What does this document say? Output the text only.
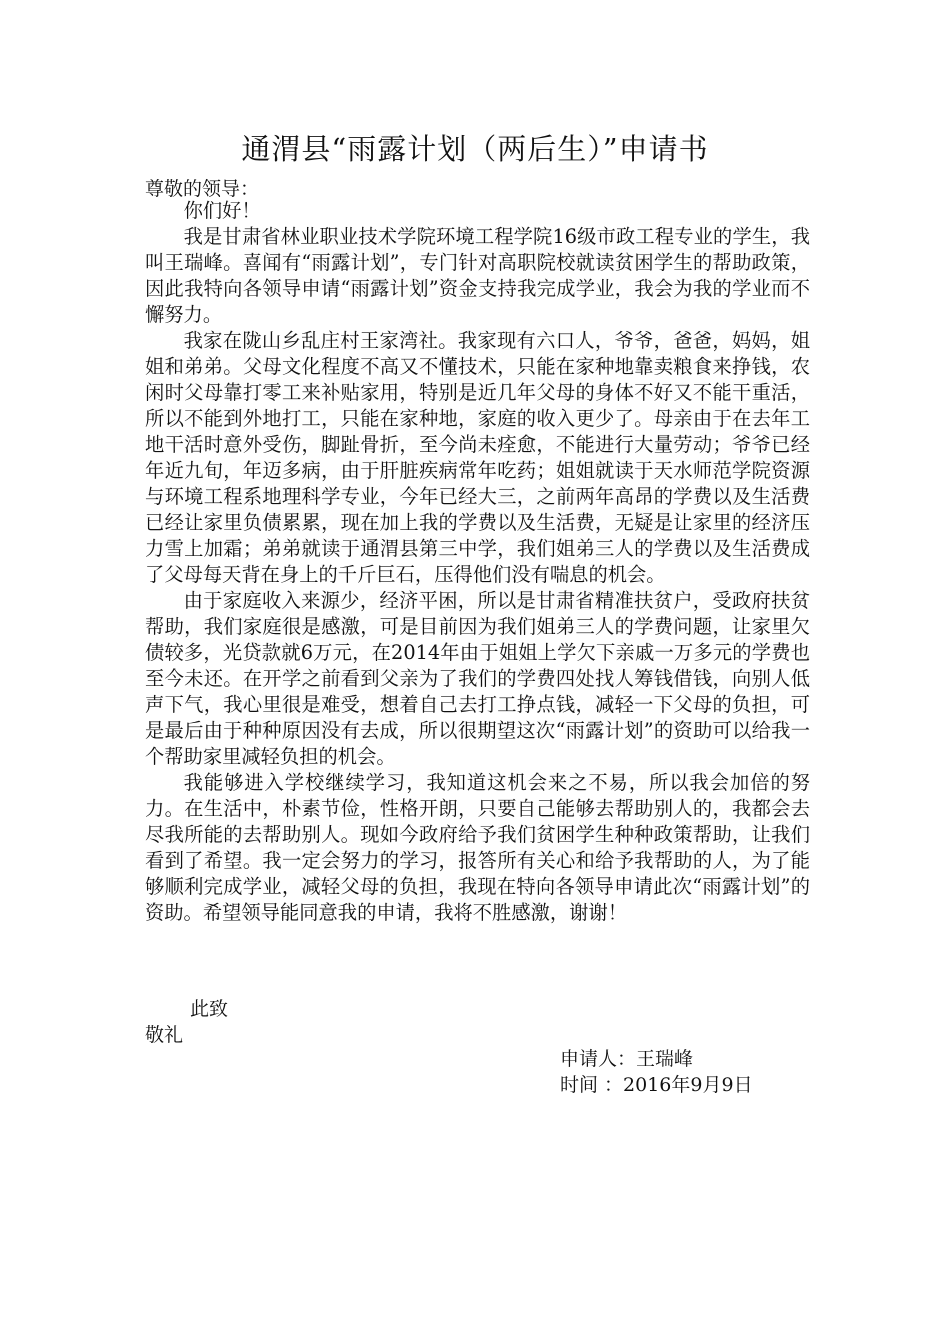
通渭县“雨露计划（两后生）”申请书
尊敬的领导：

你们好！

我是甘肃省林业职业技术学院环境工程学院16级市政工程专业的学生，我叫王瑞峰。喜闻有“雨露计划”，专门针对高职院校就读贫困学生的帮助政策，因此我特向各领导申请“雨露计划”资金支持我完成学业，我会为我的学业而不懈努力。

我家在陇山乡乱庄村王家湾社。我家现有六口人，爷爷，爸爸，妈妈，姐姐和弟弟。父母文化程度不高又不懂技术，只能在家种地靠卖粮食来挣钱，农闲时父母靠打零工来补贴家用，特别是近几年父母的身体不好又不能干重活，所以不能到外地打工，只能在家种地，家庭的收入更少了。母亲由于在去年工地干活时意外受伤，脚趾骨折，至今尚未痊愈，不能进行大量劳动；爷爷已经年近九旬，年迈多病，由于肝脏疾病常年吃药；姐姐就读于天水师范学院资源与环境工程系地理科学专业，今年已经大三，之前两年高昂的学费以及生活费已经让家里负债累累，现在加上我的学费以及生活费，无疑是让家里的经济压力雪上加霜；弟弟就读于通渭县第三中学，我们姐弟三人的学费以及生活费成了父母每天背在身上的千斤巨石，压得他们没有喘息的机会。

由于家庭收入来源少，经济平困，所以是甘肃省精准扶贫户，受政府扶贫帮助，我们家庭很是感激，可是目前因为我们姐弟三人的学费问题，让家里欠债较多，光贷款就6万元，在2014年由于姐姐上学欠下亲戚一万多元的学费也至今未还。在开学之前看到父亲为了我们的学费四处找人筹钱借钱，向别人低声下气，我心里很是难受，想着自己去打工挣点钱，减轻一下父母的负担，可是最后由于种种原因没有去成，所以很期望这次“雨露计划”的资助可以给我一个帮助家里减轻负担的机会。

我能够进入学校继续学习，我知道这机会来之不易，所以我会加倍的努力。在生活中，朴素节俭，性格开朗，只要自己能够去帮助别人的，我都会去尽我所能的去帮助别人。现如今政府给予我们贫困学生种种政策帮助，让我们看到了希望。我一定会努力的学习，报答所有关心和给予我帮助的人，为了能够顺利完成学业，减轻父母的负担，我现在特向各领导申请此次“雨露计划”的资助。希望领导能同意我的申请，我将不胜感激，谢谢！

此致
敬礼
申请人：王瑞峰
时间 ：2016年9月9日
